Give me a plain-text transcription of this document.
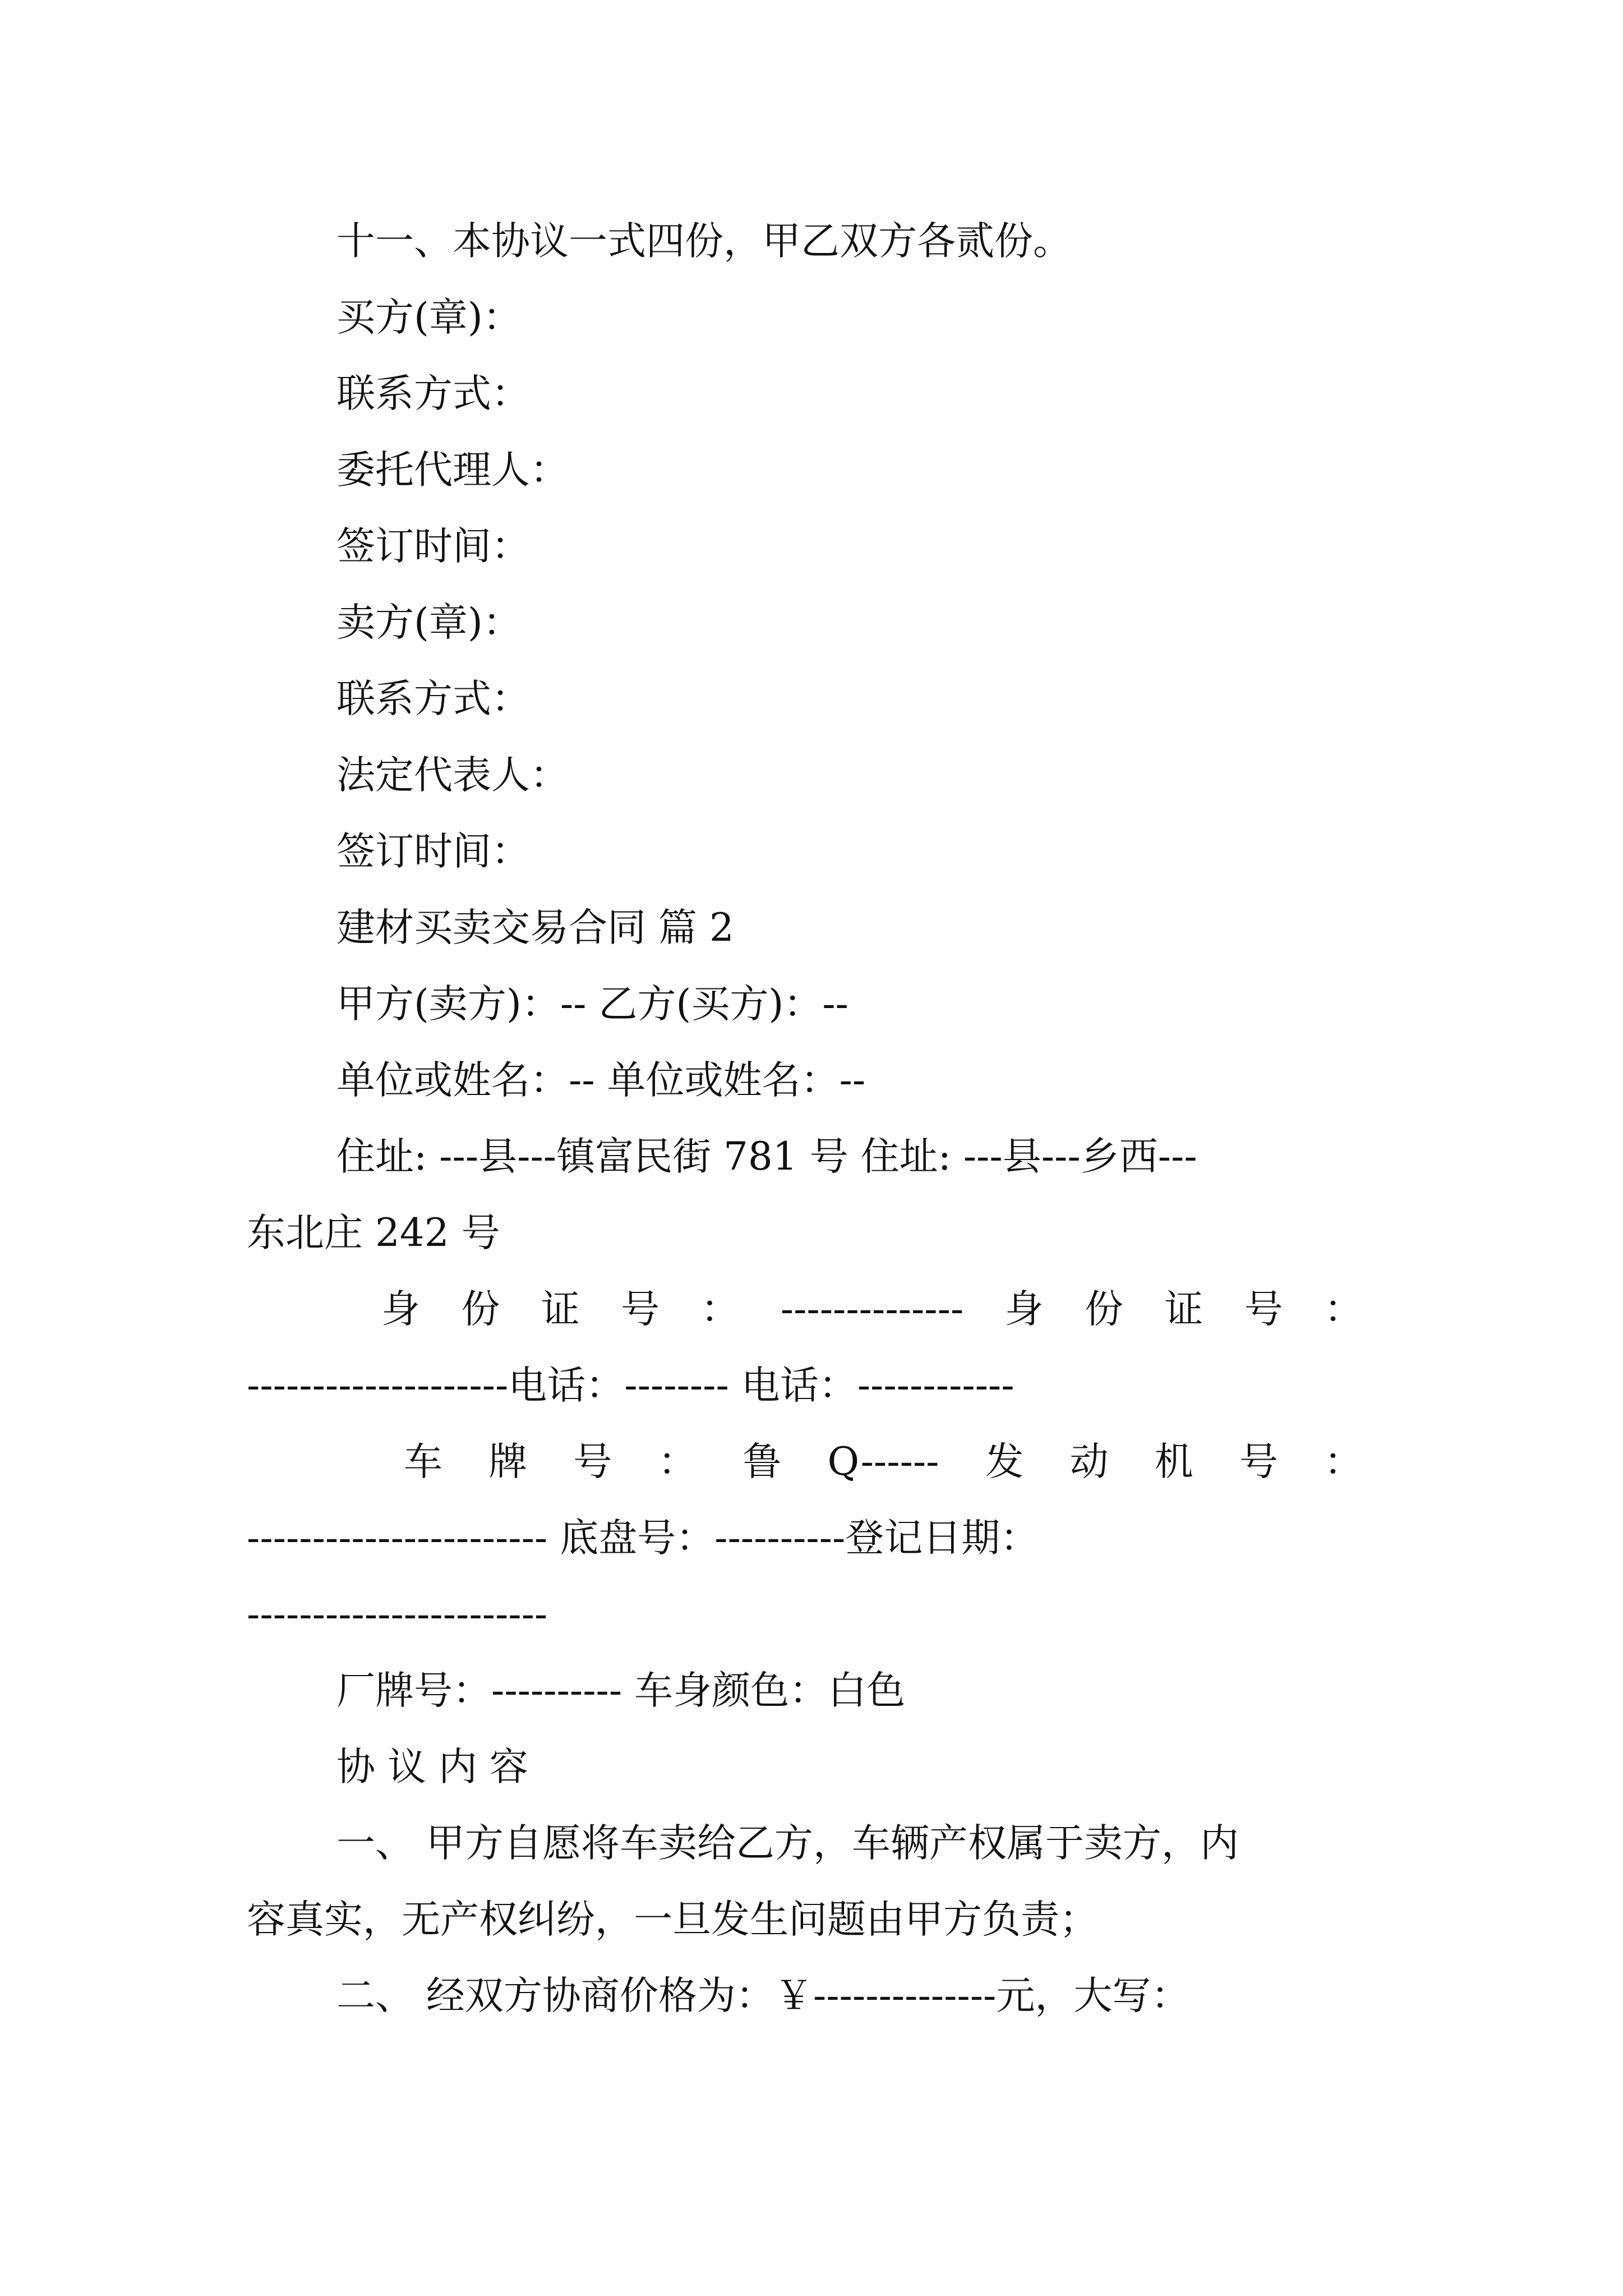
十一、本协议一式四份，甲乙双方各贰份。
买方(章)：
联系方式：
委托代理人：
签订时间：
卖方(章)：
联系方式：
法定代表人：
签订时间：
建材买卖交易合同 篇 2
甲方(卖方)：-- 乙方(买方)：--
单位或姓名：-- 单位或姓名：--
住址: ---县---镇富民街 781 号 住址: ---县---乡西---
东北庄 242 号
身 份 证 号 ： -------------- 身 份 证 号 ：
--------------------电话：-------- 电话：------------
车 牌 号 ： 鲁 Q------ 发 动 机 号 ：
----------------------- 底盘号：----------登记日期：
-----------------------
厂牌号：---------- 车身颜色：白色
协 议 内 容
一、 甲方自愿将车卖给乙方，车辆产权属于卖方，内
容真实，无产权纠纷，一旦发生问题由甲方负责；
二、 经双方协商价格为：￥--------------元，大写：
